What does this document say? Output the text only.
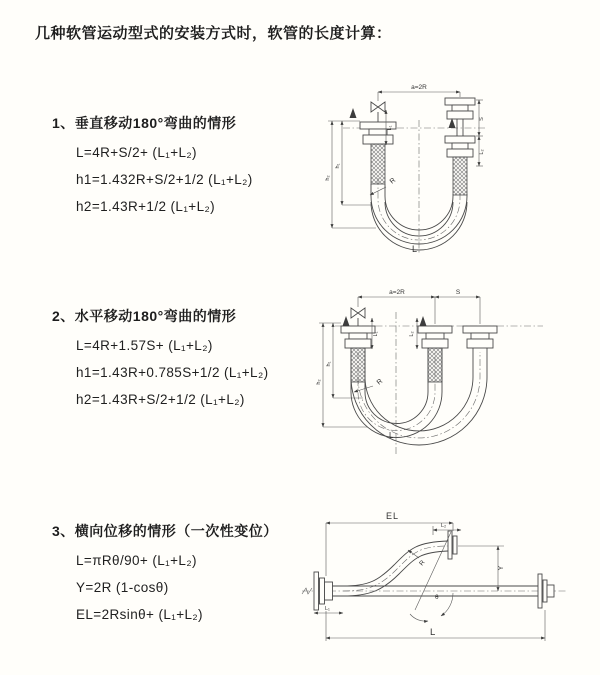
几种软管运动型式的安装方式时，软管的长度计算：
1、垂直移动180°弯曲的情形
L=4R+S/2+ (L₁+L₂)
h1=1.432R+S/2+1/2 (L₁+L₂)
h2=1.43R+1/2 (L₁+L₂)
2、水平移动180°弯曲的情形
L=4R+1.57S+ (L₁+L₂)
h1=1.43R+0.785S+1/2 (L₁+L₂)
h2=1.43R+S/2+1/2 (L₁+L₂)
3、横向位移的情形（一次性变位）
L=πRθ/90+ (L₁+L₂)
Y=2R (1-cosθ)
EL=2Rsinθ+ (L₁+L₂)
a=2R
S
L₂
h₂
h₁
L₁
R
L
a=2R	S
L₁	L₂
h₂
h₁
R
L
EL
L₂
Y
θ
R
L₁
L
